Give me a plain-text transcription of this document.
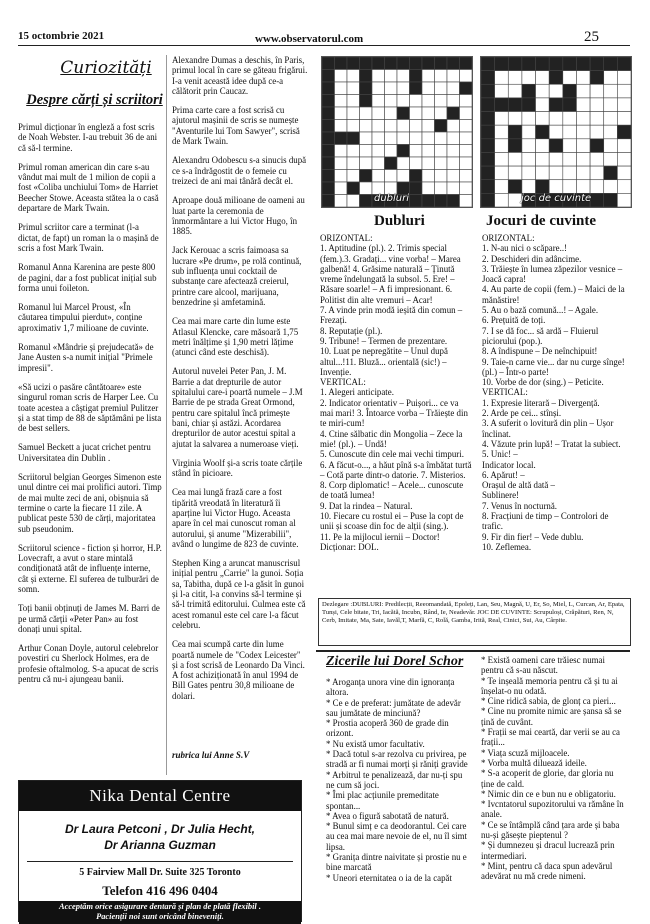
15 octombrie 2021	www.observatorul.com	25
Curiozități
Despre cărți și scriitori

Primul dicționar în engleză a fost scris de Noah Webster. I-au trebuit 36 de ani că să-l termine.

Primul roman american din care s-au vândut mai mult de 1 milion de copii a fost «Coliba unchiului Tom» de Harriet Beecher Stowe. Aceasta stătea la o casă departare de Mark Twain.

Primul scriitor care a terminat (l-a dictat, de fapt) un roman la o mașină de scris a fost Mark Twain.

Romanul Anna Karenina are peste 800 de pagini, dar a fost publicat inițial sub forma unui foileton.

Romanul lui Marcel Proust, «În căutarea timpului pierdut», conține aproximativ 1,7 milioane de cuvinte.

Romanul «Mândrie și prejudecată» de Jane Austen s-a numit inițial "Primele impresii".

«Să ucizi o pasăre cântătoare» este singurul roman scris de Harper Lee. Cu toate acestea a câștigat premiul Pulitzer și a stat timp de 88 de săptămâni pe lista de best sellers.

Samuel Beckett a jucat crichet pentru Universitatea din Dublin .

Scriitorul belgian Georges Simenon este unul dintre cei mai prolifici autori. Timp de mai multe zeci de ani, obișnuia să termine o carte la fiecare 11 zile. A publicat peste 530 de cărți, majoritatea sub pseudonim.

Scriitorul science - fiction și horror, H.P. Lovecraft, a avut o stare mintală condiționată atât de influențe interne, cât și externe. El suferea de tulburări de somn.

Toți banii obținuți de James M. Barri de pe urmă cărții «Peter Pan» au fost donați unui spital.

Arthur Conan Doyle, autorul celebrelor povestiri cu Sherlock Holmes, era de profesie oftalmolog. S-a apucat de scris pentru că nu-i ajungeau banii.

Alexandre Dumas a deschis, în Paris, primul local în care se găteau frigărui. I-a venit această idee după ce-a călătorit prin Caucaz.

Prima carte care a fost scrisă cu ajutorul mașinii de scris se numește "Aventurile lui Tom Sawyer", scrisă de Mark Twain.

Alexandru Odobescu s-a sinucis după ce s-a îndrăgostit de o femeie cu treizeci de ani mai tânără decât el.

Aproape două milioane de oameni au luat parte la ceremonia de înmormântare a lui Victor Hugo, în 1885.

Jack Kerouac a scris faimoasa sa lucrare «Pe drum», pe rolă continuă, sub influența unui cocktail de substanțe care afectează creierul, printre care alcool, marijuana, benzedrine și amfetamină.

Cea mai mare carte din lume este Atlasul Klencke, care măsoară 1,75 metri înălțime și 1,90 metri lățime (atunci când este deschisă).

Autorul nuvelei Peter Pan, J. M. Barrie a dat drepturile de autor spitalului care-i poartă numele – J.M Barrie de pe strada Great Ormond, pentru care spitalul încă primește bani, chiar și astăzi. Acordarea drepturilor de autor acestui spital a ajutat la salvarea a numeroase vieți.

Virginia Woolf și-a scris toate cărțile stând în picioare.

Cea mai lungă frază care a fost tipărită vreodată în literatură îi aparține lui Victor Hugo. Aceasta apare în cel mai cunoscut roman al autorului, și anume "Mizerabilii", având o lungime de 823 de cuvinte.

Stephen King a aruncat manuscrisul inițial pentru „Carrie" la gunoi. Soția sa, Tabitha, după ce l-a găsit în gunoi și l-a citit, l-a convins să-l termine și să-l trimită editorului. Culmea este că acest romanul este cel care l-a făcut celebru.

Cea mai scumpă carte din lume poartă numele de "Codex Leicester" și a fost scrisă de Leonardo Da Vinci. A fost achiziționată în anul 1994 de Bill Gates pentru 30,8 milioane de dolari.

rubrica lui Anne S.V
dubluri	joc de cuvinte
Dubluri	Jocuri de cuvinte
ORIZONTAL:
1. Aptitudine (pl.). 2. Trimis special (fem.).3. Gradați... vine vorba! – Marea galbenă! 4. Grăsime naturală – Ținută vreme îndelungată la subsol. 5. Ere! – Răsare soarle! – A fi impresionant. 6. Politist din alte vremuri – Acar!
7. A vinde prin modă ieșită din comun – Frezați.
8. Reputație (pl.).
9. Tribune! – Termen de prezentare.
10. Luat pe nepregătite – Unul după altul...!11. Bluză... orientală (sic!) – Invenție.
VERTICAL:
1. Alegeri anticipate.
2. Indicator orientativ – Puișori... ce va mai mari! 3. Întoarce vorba – Trăiește din te miri-cum!
4. Ctine sălbatic din Mongolia – Zece la mie! (pl.). – Undă!
5. Cunoscute din cele mai vechi timpuri. 6. A făcut-o..., a hăut pînă s-a îmbătat turtă – Cotă parte dintr-o datorie. 7. Misterios.
8. Corp diplomatic! – Acele... cunoscute de toată lumea!
9. Dat la rindea – Natural.
10. Fiecare cu rostul ei – Puse la copt de unii și scoase din foc de alții (sing.).
11. Pe la mijlocul iernii – Doctor! Dicționar: DOL.
ORIZONTAL:
1. N-au nici o scăpare..!
2. Deschideri din adâncime.
3. Trăiește în lumea zăpezilor vesnice –Joacă capra!
4. Au parte de copii (fem.) – Maici de la mănăstire!
5. Au o bază comună...! – Agale.
6. Prețuită de toți.
7. I se dă foc... să ardă – Fluierul piciorului (pop.).
8. A îndispune – De neînchipuit!
9. Taie-n carne vie... dar nu curge sînge! (pl.) – Într-o parte!
10. Vorbe de dor (sing.) – Peticite.
VERTICAL:
1. Expresie literară – Divergență.
2. Arde pe cei... stînși.
3. A suferit o lovitură din plin – Ușor înclinat.
4. Văzute prin lupă! – Tratat la subiect.
5. Unic! –
Indicator local.
6. Apărut! –
Orașul de altă dată –
Sublinere!
7. Venus în nocturnă.
8. Fracțiuni de timp – Controlori de trafic.
9. Fir din fier! – Vede dublu.
10. Zeflemea.
Dezlegare :DUBLURI: Predilecții, Reeomandată, Epoleți, Lan, Seu, Magnă, U, Er, So, Miel, L, Curcan, Ar, Epata, Tunși, Cele bitate, Tri, Iacătă, Incubn, Rând, Ie, Neadevăr. JOC DE CUVINTE: Scrupuloși, Crăpături, Ren, N, Cerb, Imitate, Ma, Sate, Iavăl,T, Marfă, C, Rolă, Gamba, Irită, Real, Cinici, Sui, Au, Cârpite.
Zicerile lui Dorel Schor
* Aroganța unora vine din ignoranța altora.
* Ce e de preferat: jumătate de adevăr sau jumătate de minciună?
* Prostia acoperă 360 de grade din orizont.
* Nu există umor facultativ.
* Dacă totul s-ar rezolva cu privirea, pe stradă ar fi numai morți și răniți gravide
* Arbitrul te penalizează, dar nu-ți spu ne cum să joci.
* Îmi plac acțiunile premeditate spontan...
* Avea o figură sabotată de natură.
* Bunul simț e ca deodorantul. Cei care au cea mai mare nevoie de el, nu îl simt lipsa.
* Granița dintre naivitate și prostie nu e bine marcată
* Uneori eternitatea o ia de la capăt
* Există oameni care trăiesc numai pentru că s-au născut.
* Te inșeală memoria pentru că și tu ai înșelat-o nu odată.
* Cine ridică sabia, de glonț ca pieri...
* Cine nu promite nimic are șansa să se țină de cuvânt.
* Frații se mai ceartă, dar verii se au ca frații...
* Viața scuză mijloacele.
* Vorba multă diluează ideile.
* S-a acoperit de glorie, dar gloria nu ține de cald.
* Nimic din ce e bun nu e obligatoriu.
* Ivcntatorul supozitorului va rămâne în anale.
* Ce se întâmplă când țara arde și baba nu-și găsește pieptenul ?
* Și dumnezeu și dracul lucrează prin intermediari.
* Mint, pentru că daca spun adevărul adevărat nu mă crede nimeni.
Nika Dental Centre
Dr Laura Petconi , Dr Julia Hecht,
Dr Arianna Guzman
5 Fairview Mall Dr. Suite 325 Toronto
Telefon 416 496 0404
Acceptăm orice asigurare dentară și plan de plată flexibil .
Pacienții noi sunt oricând bineveniți.
